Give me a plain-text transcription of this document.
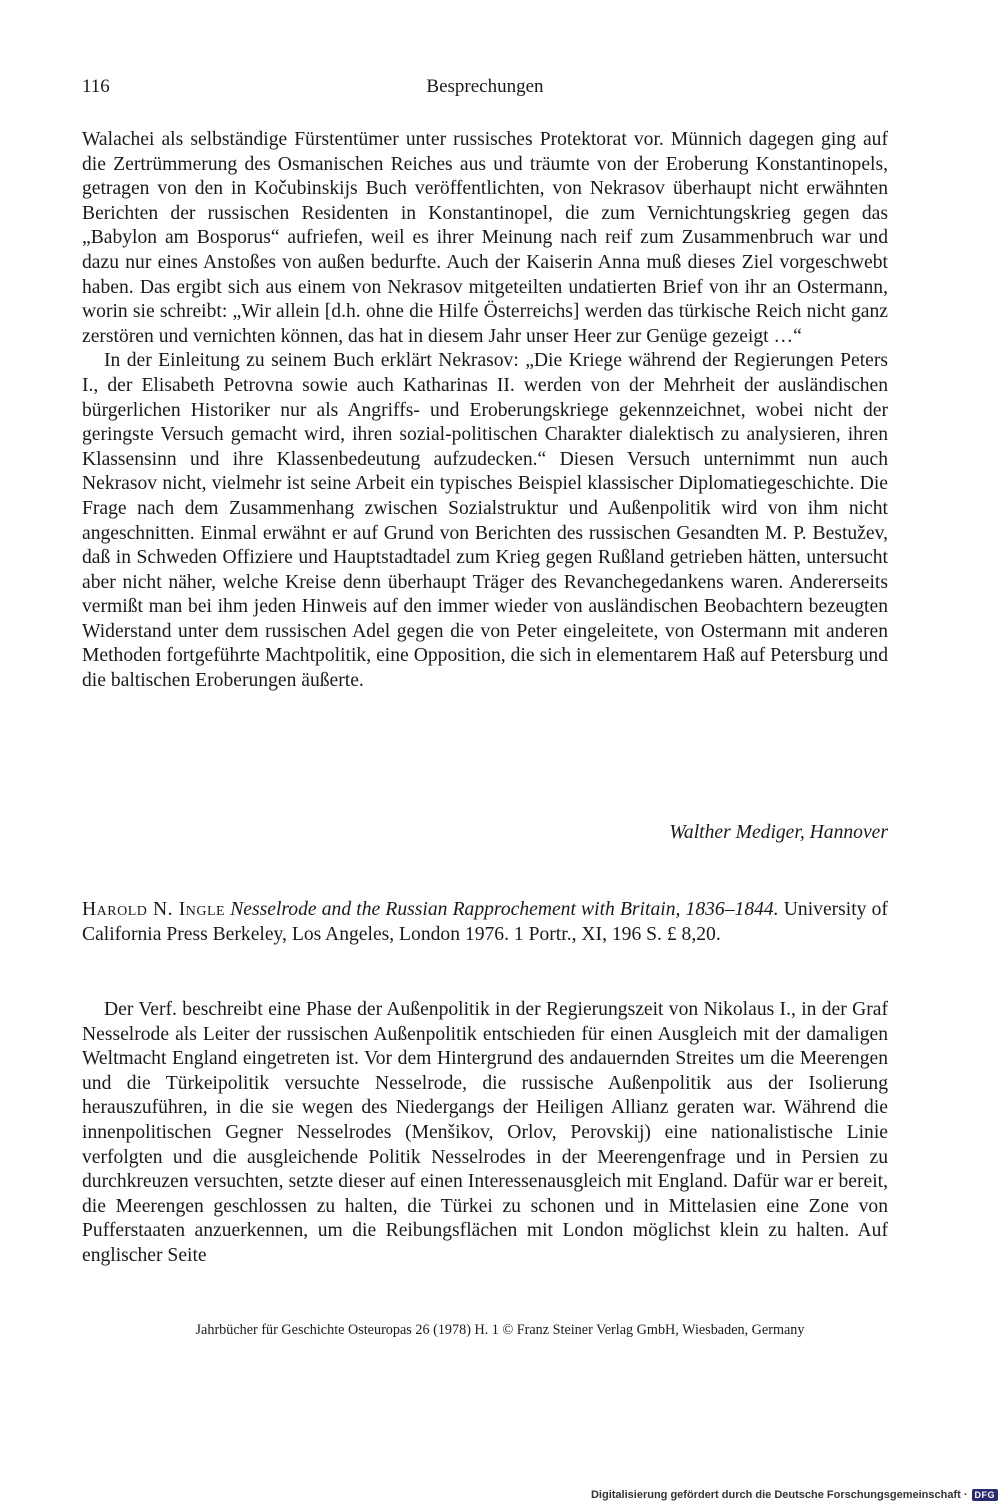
116	Besprechungen

Walachei als selbständige Fürstentümer unter russisches Protektorat vor. Münnich dagegen ging auf die Zertrümmerung des Osmanischen Reiches aus und träumte von der Eroberung Konstantinopels, getragen von den in Kočubinskijs Buch veröffentlichten, von Nekrasov überhaupt nicht erwähnten Berichten der russischen Residenten in Konstantinopel, die zum Vernichtungskrieg gegen das „Babylon am Bosporus“ aufriefen, weil es ihrer Meinung nach reif zum Zusammenbruch war und dazu nur eines Anstoßes von außen bedurfte. Auch der Kaiserin Anna muß dieses Ziel vorgeschwebt haben. Das ergibt sich aus einem von Nekrasov mitgeteilten undatierten Brief von ihr an Ostermann, worin sie schreibt: „Wir allein [d.h. ohne die Hilfe Österreichs] werden das türkische Reich nicht ganz zerstören und vernichten können, das hat in diesem Jahr unser Heer zur Genüge gezeigt …“

In der Einleitung zu seinem Buch erklärt Nekrasov: „Die Kriege während der Regierungen Peters I., der Elisabeth Petrovna sowie auch Katharinas II. werden von der Mehrheit der ausländischen bürgerlichen Historiker nur als Angriffs- und Eroberungskriege gekennzeichnet, wobei nicht der geringste Versuch gemacht wird, ihren sozial-politischen Charakter dialektisch zu analysieren, ihren Klassensinn und ihre Klassenbedeutung aufzudecken.“ Diesen Versuch unternimmt nun auch Nekrasov nicht, vielmehr ist seine Arbeit ein typisches Beispiel klassischer Diplomatiegeschichte. Die Frage nach dem Zusammenhang zwischen Sozialstruktur und Außenpolitik wird von ihm nicht angeschnitten. Einmal erwähnt er auf Grund von Berichten des russischen Gesandten M. P. Bestužev, daß in Schweden Offiziere und Hauptstadtadel zum Krieg gegen Rußland getrieben hätten, untersucht aber nicht näher, welche Kreise denn überhaupt Träger des Revanchegedankens waren. Andererseits vermißt man bei ihm jeden Hinweis auf den immer wieder von ausländischen Beobachtern bezeugten Widerstand unter dem russischen Adel gegen die von Peter eingeleitete, von Ostermann mit anderen Methoden fortgeführte Machtpolitik, eine Opposition, die sich in elementarem Haß auf Petersburg und die baltischen Eroberungen äußerte.

Walther Mediger, Hannover
Harold N. Ingle Nesselrode and the Russian Rapprochement with Britain, 1836–1844. University of California Press Berkeley, Los Angeles, London 1976. 1 Portr., XI, 196 S. £ 8,20.

Der Verf. beschreibt eine Phase der Außenpolitik in der Regierungszeit von Nikolaus I., in der Graf Nesselrode als Leiter der russischen Außenpolitik entschieden für einen Ausgleich mit der damaligen Weltmacht England eingetreten ist. Vor dem Hintergrund des andauernden Streites um die Meerengen und die Türkeipolitik versuchte Nesselrode, die russische Außenpolitik aus der Isolierung herauszuführen, in die sie wegen des Niedergangs der Heiligen Allianz geraten war. Während die innenpolitischen Gegner Nesselrodes (Menšikov, Orlov, Perovskij) eine nationalistische Linie verfolgten und die ausgleichende Politik Nesselrodes in der Meerengenfrage und in Persien zu durchkreuzen versuchten, setzte dieser auf einen Interessenausgleich mit England. Dafür war er bereit, die Meerengen geschlossen zu halten, die Türkei zu schonen und in Mittelasien eine Zone von Pufferstaaten anzuerkennen, um die Reibungsflächen mit London möglichst klein zu halten. Auf englischer Seite

Jahrbücher für Geschichte Osteuropas 26 (1978) H. 1 © Franz Steiner Verlag GmbH, Wiesbaden, Germany
Digitalisierung gefördert durch die Deutsche Forschungsgemeinschaft · DFG
